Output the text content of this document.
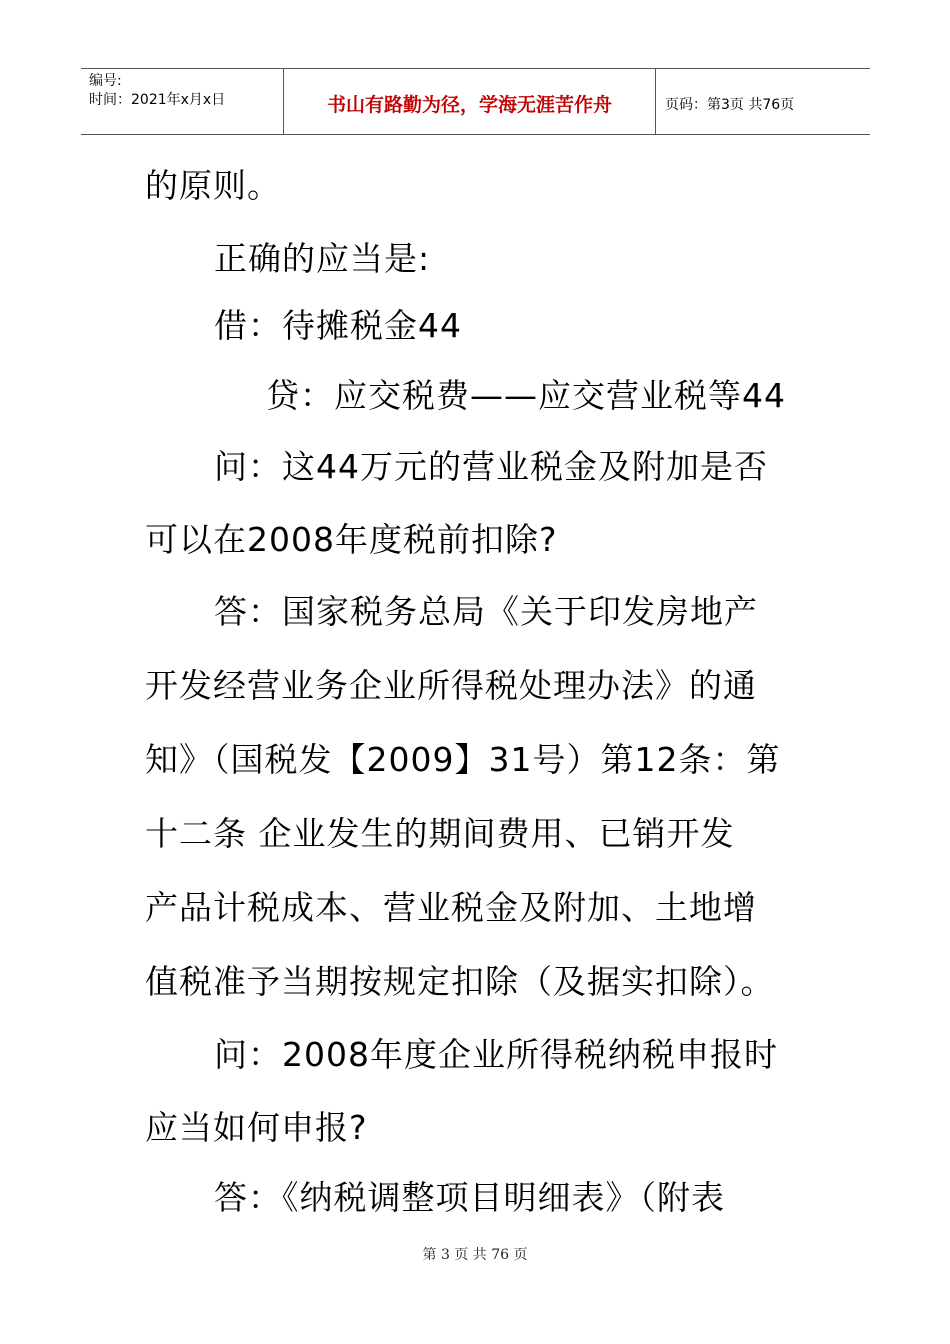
编号:
时间：2021年x月x日	书山有路勤为径，学海无涯苦作舟	页码：第3页 共76页
的原则。
正确的应当是:
借：待摊税金44
贷：应交税费——应交营业税等44
问：这44万元的营业税金及附加是否
可以在2008年度税前扣除?
答：国家税务总局《关于印发房地产
开发经营业务企业所得税处理办法》的通
知》（国税发【2009】31号）第12条：第
十二条 企业发生的期间费用、已销开发
产品计税成本、营业税金及附加、土地增
值税准予当期按规定扣除（及据实扣除）。
问：2008年度企业所得税纳税申报时
应当如何申报?
答：《纳税调整项目明细表》（附表
第 3 页 共 76 页
